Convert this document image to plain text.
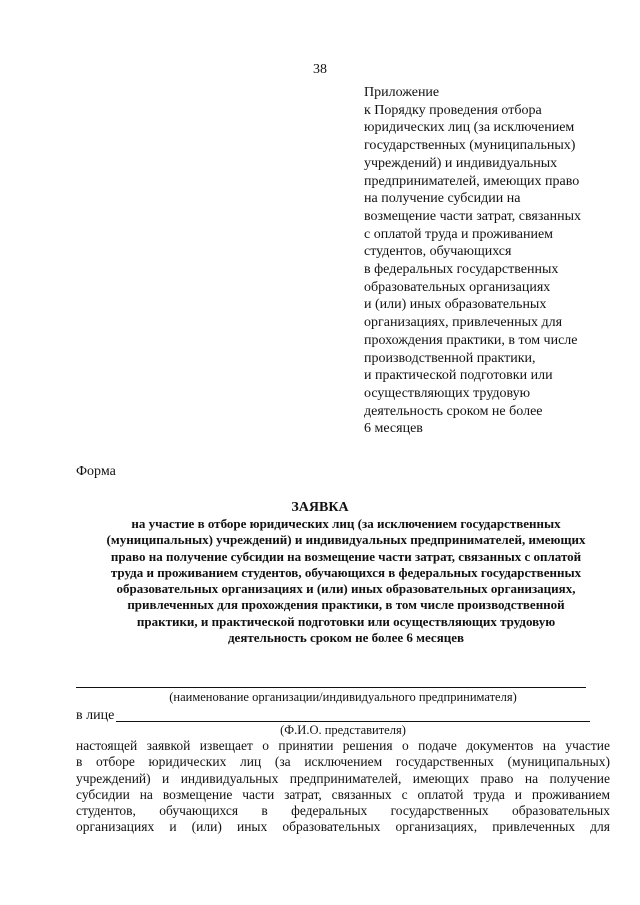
38
Приложение
к Порядку проведения отбора
юридических лиц (за исключением
государственных (муниципальных)
учреждений) и индивидуальных
предпринимателей, имеющих право
на получение субсидии на
возмещение части затрат, связанных
с оплатой труда и проживанием
студентов, обучающихся
в федеральных государственных
образовательных организациях
и (или) иных образовательных
организациях, привлеченных для
прохождения практики, в том числе
производственной практики,
и практической подготовки или
осуществляющих трудовую
деятельность сроком не более
6 месяцев
Форма
ЗАЯВКА
на участие в отборе юридических лиц (за исключением государственных
(муниципальных) учреждений) и индивидуальных предпринимателей, имеющих
право на получение субсидии на возмещение части затрат, связанных с оплатой
труда и проживанием студентов, обучающихся в федеральных государственных
образовательных организациях и (или) иных образовательных организациях,
привлеченных для прохождения практики, в том числе производственной
практики, и практической подготовки или осуществляющих трудовую
деятельность сроком не более 6 месяцев
(наименование организации/индивидуального предпринимателя)
в лице
(Ф.И.О. представителя)
настоящей заявкой извещает о принятии решения о подаче документов на участие
в отборе юридических лиц (за исключением государственных (муниципальных)
учреждений) и индивидуальных предпринимателей, имеющих право на получение
субсидии на возмещение части затрат, связанных с оплатой труда и проживанием
студентов, обучающихся в федеральных государственных образовательных
организациях и (или) иных образовательных организациях, привлеченных для
